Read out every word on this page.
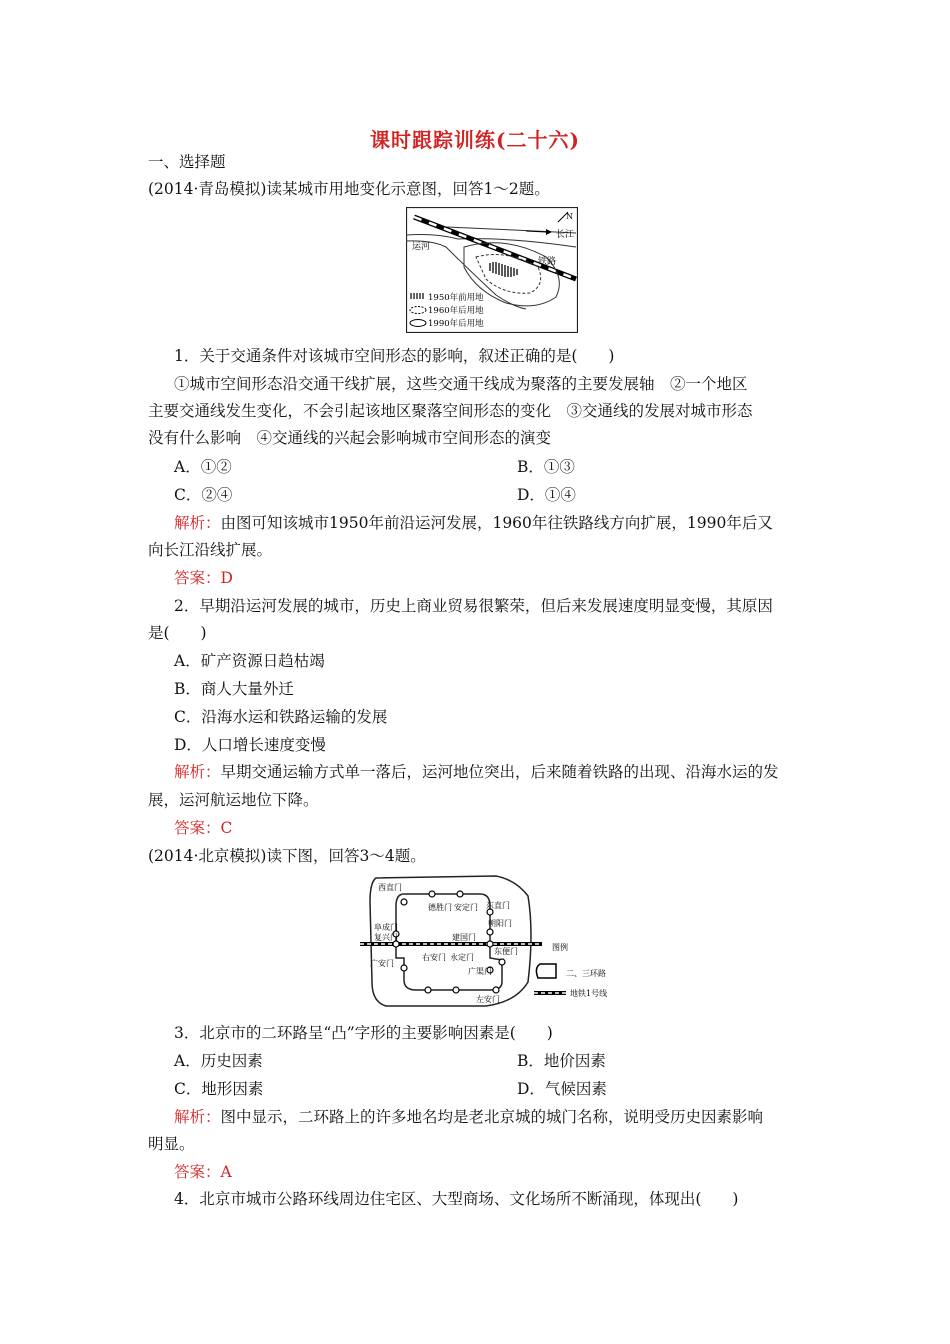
课时跟踪训练(二十六)
一、选择题
(2014·青岛模拟)读某城市用地变化示意图，回答1～2题。
运河
长江
铁路
N
1950年前用地
1960年后用地
1990年后用地
1．关于交通条件对该城市空间形态的影响，叙述正确的是(　　)
①城市空间形态沿交通干线扩展，这些交通干线成为聚落的主要发展轴　②一个地区
主要交通线发生变化，不会引起该地区聚落空间形态的变化　③交通线的发展对城市形态
没有什么影响　④交通线的兴起会影响城市空间形态的演变
A．①②	B．①③
C．②④	D．①④
解析：由图可知该城市1950年前沿运河发展，1960年往铁路线方向扩展，1990年后又
向长江沿线扩展。
答案：D
2．早期沿运河发展的城市，历史上商业贸易很繁荣，但后来发展速度明显变慢，其原因
是(　　)
A．矿产资源日趋枯竭
B．商人大量外迁
C．沿海水运和铁路运输的发展
D．人口增长速度变慢
解析：早期交通运输方式单一落后，运河地位突出，后来随着铁路的出现、沿海水运的发
展，运河航运地位下降。
答案：C
(2014·北京模拟)读下图，回答3～4题。
西直门
德胜门 安定门 东直门
朝阳门
阜成门
复兴门	建国门
广安门
右安门 永定门
广渠门
东便门
左安门
图例
二、三环路
地铁1号线
3．北京市的二环路呈“凸”字形的主要影响因素是(　　)
A．历史因素	B．地价因素
C．地形因素	D．气候因素
解析：图中显示，二环路上的许多地名均是老北京城的城门名称，说明受历史因素影响
明显。
答案：A
4．北京市城市公路环线周边住宅区、大型商场、文化场所不断涌现，体现出(　　)
